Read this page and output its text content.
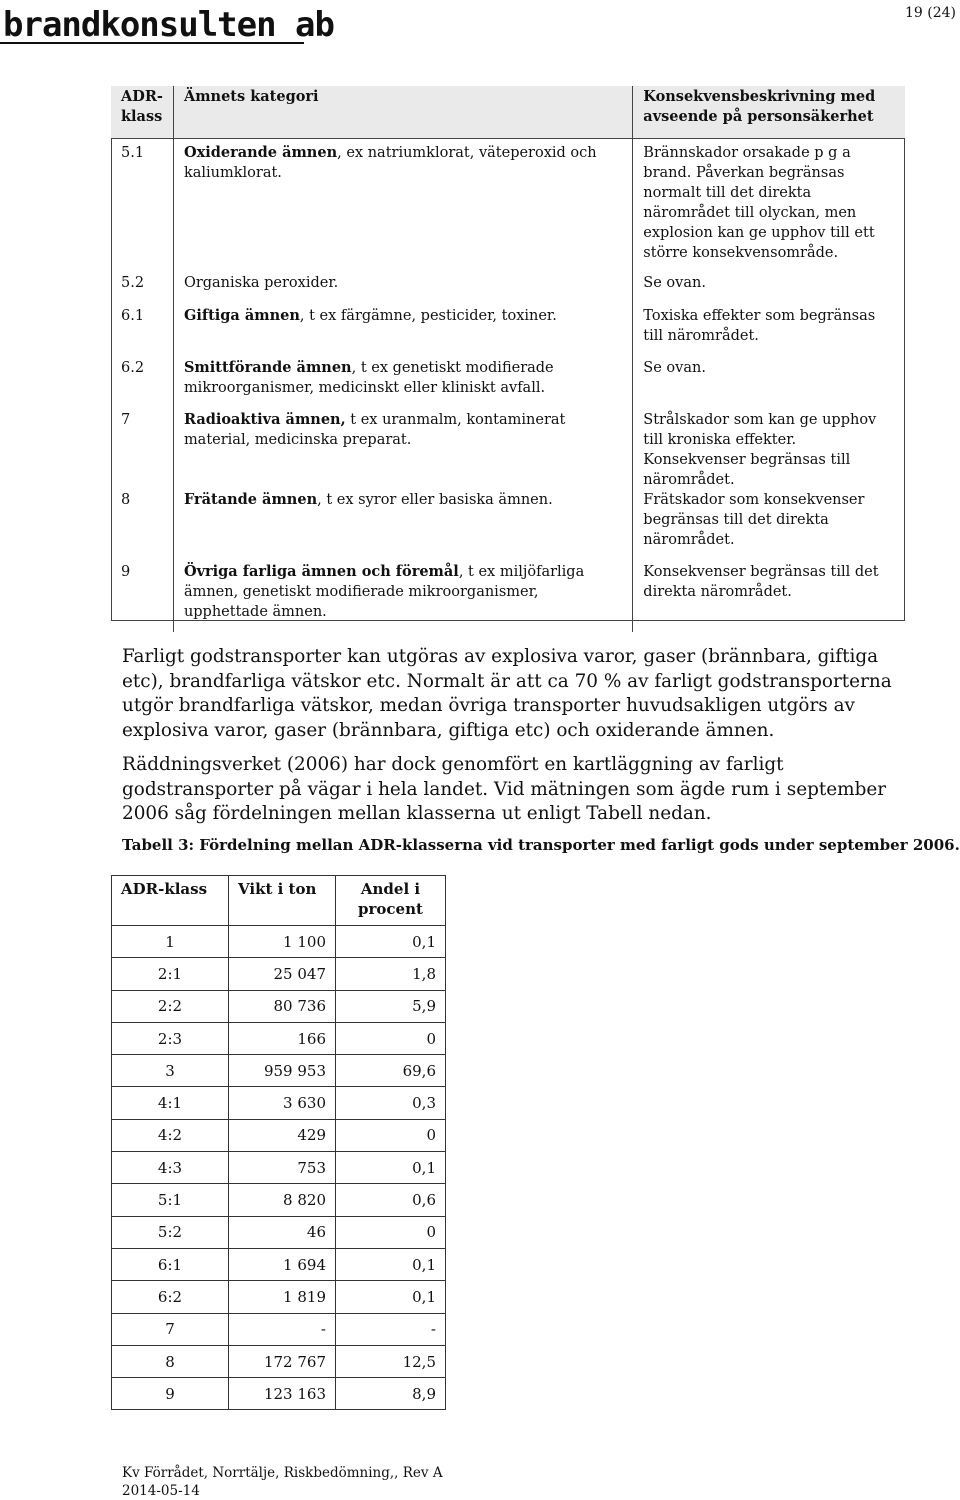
brandkonsulten ab	19 (24)
ADR-klass	Ämnets kategori	Konsekvensbeskrivning med avseende på personsäkerhet
5.1	Oxiderande ämnen, ex natriumklorat, väteperoxid och kaliumklorat.	Brännskador orsakade p g a brand. Påverkan begränsas normalt till det direkta närområdet till olyckan, men explosion kan ge upphov till ett större konsekvensområde.
5.2	Organiska peroxider.	Se ovan.
6.1	Giftiga ämnen, t ex färgämne, pesticider, toxiner.	Toxiska effekter som begränsas till närområdet.
6.2	Smittförande ämnen, t ex genetiskt modifierade mikroorganismer, medicinskt eller kliniskt avfall.	Se ovan.
7	Radioaktiva ämnen, t ex uranmalm, kontaminerat material, medicinska preparat.	Strålskador som kan ge upphov till kroniska effekter. Konsekvenser begränsas till närområdet.
8	Frätande ämnen, t ex syror eller basiska ämnen.	Frätskador som konsekvenser begränsas till det direkta närområdet.
9	Övriga farliga ämnen och föremål, t ex miljöfarliga ämnen, genetiskt modifierade mikroorganismer, upphettade ämnen.	Konsekvenser begränsas till det direkta närområdet.
Farligt godstransporter kan utgöras av explosiva varor, gaser (brännbara, giftiga etc), brandfarliga vätskor etc. Normalt är att ca 70 % av farligt godstransporterna utgör brandfarliga vätskor, medan övriga transporter huvudsakligen utgörs av explosiva varor, gaser (brännbara, giftiga etc) och oxiderande ämnen.
Räddningsverket (2006) har dock genomfört en kartläggning av farligt godstransporter på vägar i hela landet. Vid mätningen som ägde rum i september 2006 såg fördelningen mellan klasserna ut enligt Tabell nedan.
Tabell 3: Fördelning mellan ADR-klasserna vid transporter med farligt gods under september 2006.
ADR-klass	Vikt i ton	Andel i procent
1	1 100	0,1
2:1	25 047	1,8
2:2	80 736	5,9
2:3	166	0
3	959 953	69,6
4:1	3 630	0,3
4:2	429	0
4:3	753	0,1
5:1	8 820	0,6
5:2	46	0
6:1	1 694	0,1
6:2	1 819	0,1
7	-	-
8	172 767	12,5
9	123 163	8,9
Kv Förrådet, Norrtälje, Riskbedömning,, Rev A
2014-05-14
